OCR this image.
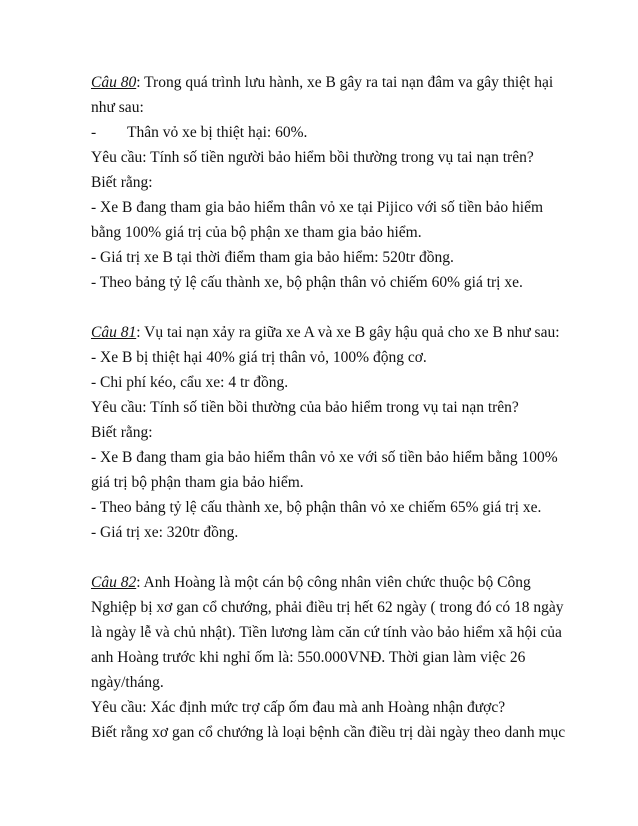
Câu 80: Trong quá trình lưu hành, xe B gây ra tai nạn đâm va gây thiệt hại
như sau:
- Thân vỏ xe bị thiệt hại: 60%.
Yêu cầu: Tính số tiền người bảo hiểm bồi thường trong vụ tai nạn trên?
Biết rằng:
- Xe B đang tham gia bảo hiểm thân vỏ xe tại Pijico với số tiền bảo hiểm
bằng 100% giá trị của bộ phận xe tham gia bảo hiểm.
- Giá trị xe B tại thời điểm tham gia bảo hiểm: 520tr đồng.
- Theo bảng tỷ lệ cấu thành xe, bộ phận thân vỏ chiếm 60% giá trị xe.
Câu 81: Vụ tai nạn xảy ra giữa xe A và xe B gây hậu quả cho xe B như sau:
- Xe B bị thiệt hại 40% giá trị thân vỏ, 100% động cơ.
- Chi phí kéo, cẩu xe: 4 tr đồng.
Yêu cầu: Tính số tiền bồi thường của bảo hiểm trong vụ tai nạn trên?
Biết rằng:
- Xe B đang tham gia bảo hiểm thân vỏ xe với số tiền bảo hiểm bằng 100%
giá trị bộ phận tham gia bảo hiểm.
- Theo bảng tỷ lệ cấu thành xe, bộ phận thân vỏ xe chiếm 65% giá trị xe.
- Giá trị xe: 320tr đồng.
Câu 82: Anh Hoàng là một cán bộ công nhân viên chức thuộc bộ Công
Nghiệp bị xơ gan cổ chướng, phải điều trị hết 62 ngày ( trong đó có 18 ngày
là ngày lễ và chủ nhật). Tiền lương làm căn cứ tính vào bảo hiểm xã hội của
anh Hoàng trước khi nghỉ ốm là: 550.000VNĐ. Thời gian làm việc 26
ngày/tháng.
Yêu cầu: Xác định mức trợ cấp ốm đau mà anh Hoàng nhận được?
Biết rằng xơ gan cổ chướng là loại bệnh cần điều trị dài ngày theo danh mục
